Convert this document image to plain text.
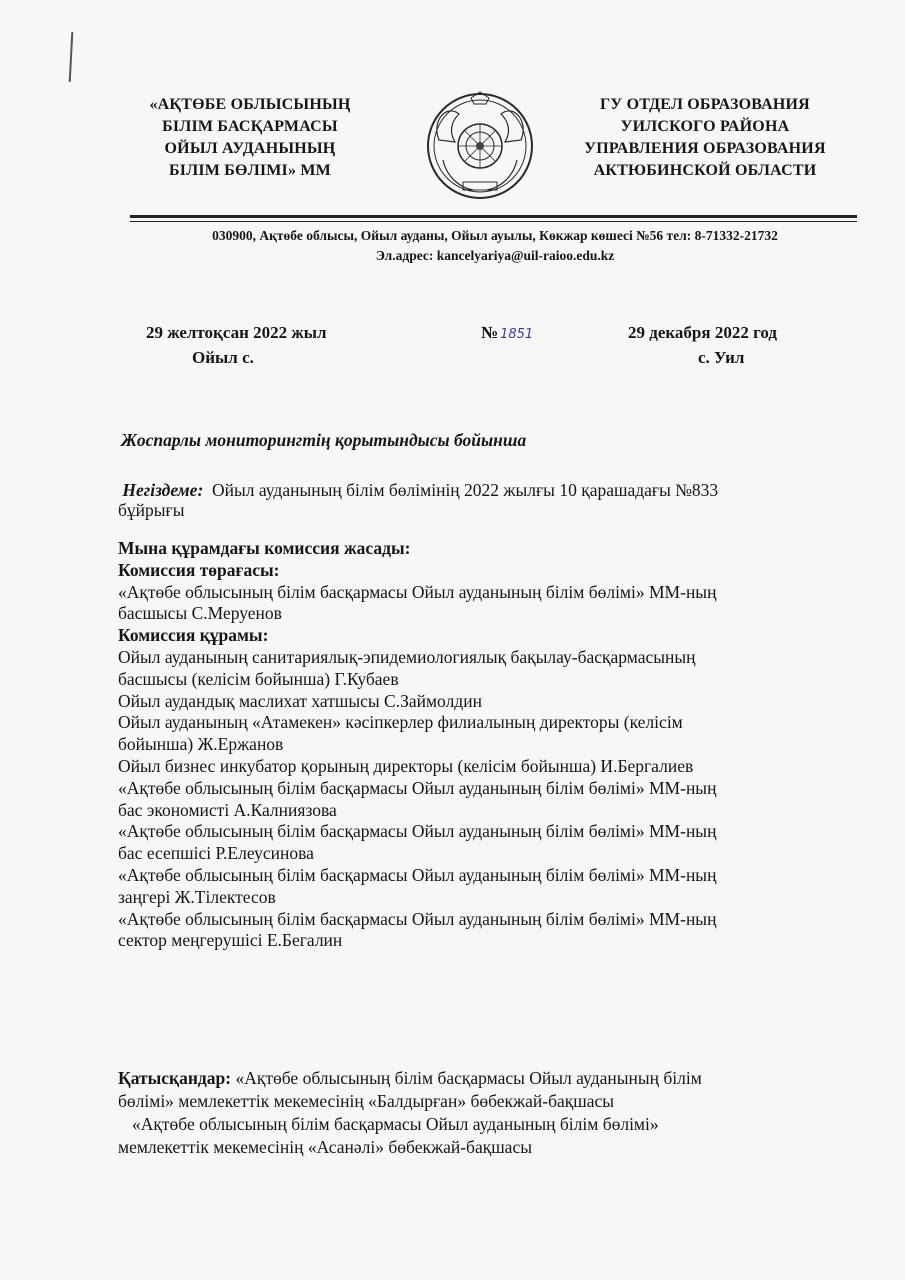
«АҚТӨБЕ ОБЛЫСЫНЫҢ
БІЛІМ БАСҚАРМАСЫ
ОЙЫЛ АУДАНЫНЫҢ
БІЛІМ БӨЛІМІ» ММ
ГУ ОТДЕЛ ОБРАЗОВАНИЯ
УИЛСКОГО РАЙОНА
УПРАВЛЕНИЯ ОБРАЗОВАНИЯ
АКТЮБИНСКОЙ ОБЛАСТИ
030900, Ақтөбе облысы, Ойыл ауданы, Ойыл ауылы, Көкжар көшесі №56 тел: 8-71332-21732
Эл.адрес: kancelyariya@uil-raioo.edu.kz
29 желтоқсан 2022 жыл
Ойыл с.
№ 1851	29 декабря 2022 год
с. Уил
Жоспарлы мониторингтің қорытындысы бойынша
Негіздеме: Ойыл ауданының білім бөлімінің 2022 жылғы 10 қарашадағы №833
бұйрығы
Мына құрамдағы комиссия жасады:
Комиссия төрағасы:
«Ақтөбе облысының білім басқармасы Ойыл ауданының білім бөлімі» ММ-ның
басшысы С.Меруенов
Комиссия құрамы:
Ойыл ауданының санитариялық-эпидемиологиялық бақылау-басқармасының
басшысы (келісім бойынша) Г.Кубаев
Ойыл аудандық маслихат хатшысы С.Займолдин
Ойыл ауданының «Атамекен» кәсіпкерлер филиалының директоры (келісім
бойынша) Ж.Ержанов
Ойыл бизнес инкубатор қорының директоры (келісім бойынша) И.Бергалиев
«Ақтөбе облысының білім басқармасы Ойыл ауданының білім бөлімі» ММ-ның
бас экономисті А.Калниязова
«Ақтөбе облысының білім басқармасы Ойыл ауданының білім бөлімі» ММ-ның
бас есепшісі Р.Елеусинова
«Ақтөбе облысының білім басқармасы Ойыл ауданының білім бөлімі» ММ-ның
заңгері Ж.Тілектесов
«Ақтөбе облысының білім басқармасы Ойыл ауданының білім бөлімі» ММ-ның
сектор меңгерушісі Е.Бегалин
Қатысқандар: «Ақтөбе облысының білім басқармасы Ойыл ауданының білім
бөлімі» мемлекеттік мекемесінің «Балдырған» бөбекжай-бақшасы
«Ақтөбе облысының білім басқармасы Ойыл ауданының білім бөлімі»
мемлекеттік мекемесінің «Асанәлі» бөбекжай-бақшасы
